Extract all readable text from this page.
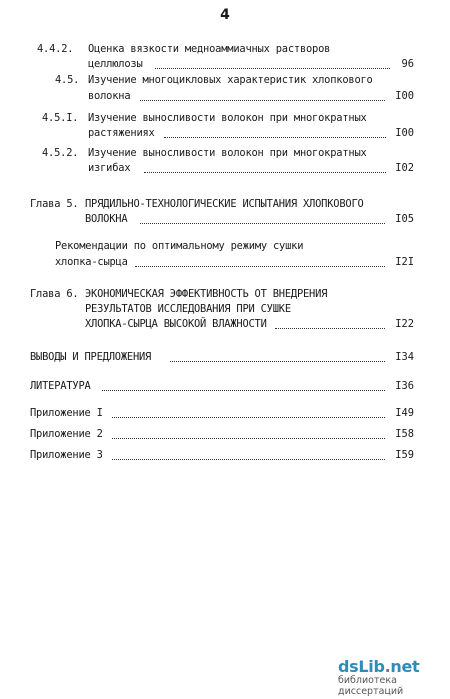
4
4.4.2. Оценка вязкости медноаммиачных растворов
целлюлозы	96
4.5. Изучение многоцикловых характеристик хлопкового
волокна	I00
4.5.I. Изучение выносливости волокон при многократных
растяжениях	I00
4.5.2. Изучение выносливости волокон при многократных
изгибах	I02
Глава 5. ПРЯДИЛЬНО-ТЕХНОЛОГИЧЕСКИЕ ИСПЫТАНИЯ ХЛОПКОВОГО
ВОЛОКНА	I05
Рекомендации по оптимальному режиму сушки
хлопка-сырца	I2I
Глава 6. ЭКОНОМИЧЕСКАЯ ЭФФЕКТИВНОСТЬ ОТ ВНЕДРЕНИЯ
РЕЗУЛЬТАТОВ ИССЛЕДОВАНИЯ ПРИ СУШКЕ
ХЛОПКА-СЫРЦА ВЫСОКОЙ ВЛАЖНОСТИ	I22
ВЫВОДЫ И ПРЕДЛОЖЕНИЯ	I34
ЛИТЕРАТУРА	I36
Приложение I	I49
Приложение 2	I58
Приложение 3	I59
dsLib.net
библиотека диссертаций
